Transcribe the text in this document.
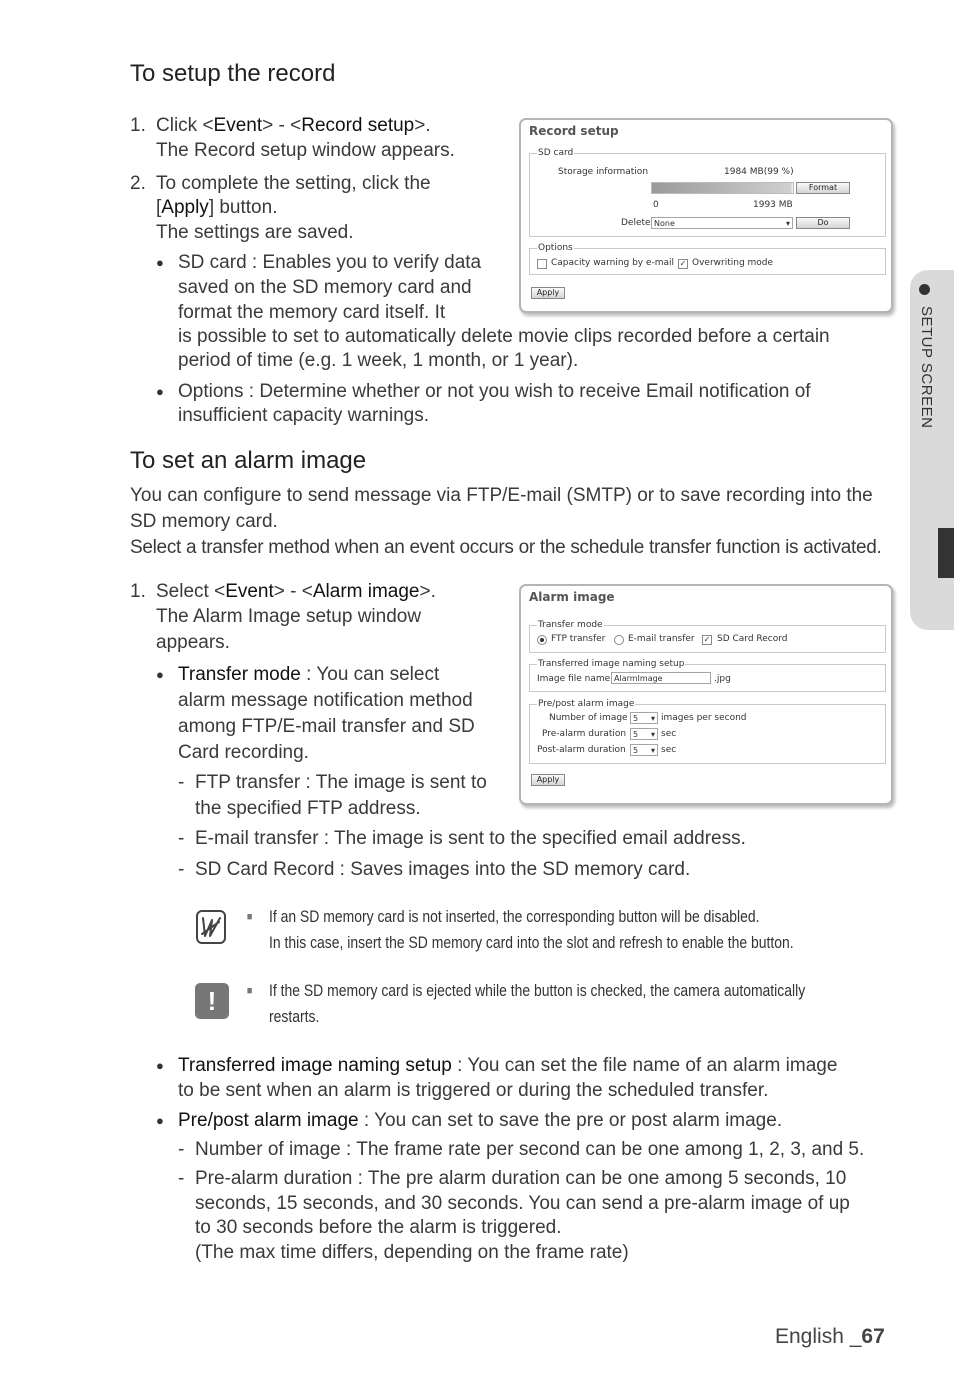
SETUP SCREEN
To setup the record
1. Click <Event> - <Record setup>.
The Record setup window appears.
2. To complete the setting, click the
[Apply] button.
The settings are saved.
● SD card : Enables you to verify data
saved on the SD memory card and
format the memory card itself. It
is possible to set to automatically delete movie clips recorded before a certain
period of time (e.g. 1 week, 1 month, or 1 year).
● Options : Determine whether or not you wish to receive Email notification of
insufficient capacity warnings.
Record setup
SD card
Storage information	1984 MB(99 %)
Format
0	1993 MB
Delete None ▾	Do
Options
Capacity warning by e-mail ✓ Overwriting mode
Apply
To set an alarm image
You can configure to send message via FTP/E-mail (SMTP) or to save recording into the
SD memory card.
Select a transfer method when an event occurs or the schedule transfer function is activated.
1. Select <Event> - <Alarm image>.
The Alarm Image setup window
appears.
● Transfer mode : You can select
alarm message notification method
among FTP/E-mail transfer and SD
Card recording.
- FTP transfer : The image is sent to
the specified FTP address.
- E-mail transfer : The image is sent to the specified email address.
- SD Card Record : Saves images into the SD memory card.
Alarm image
Transfer mode
FTP transfer	E-mail transfer ✓ SD Card Record
Transferred image naming setup
Image file name AlarmImage	.jpg
Pre/post alarm image
Number of image 5 ▾	images per second
Pre-alarm duration 5 ▾	sec
Post-alarm duration 5 ▾	sec
Apply
■ If an SD memory card is not inserted, the corresponding button will be disabled.
In this case, insert the SD memory card into the slot and refresh to enable the button.
!
■	If the SD memory card is ejected while the button is checked, the camera automatically
restarts.
● Transferred image naming setup : You can set the file name of an alarm image
to be sent when an alarm is triggered or during the scheduled transfer.
● Pre/post alarm image : You can set to save the pre or post alarm image.
- Number of image : The frame rate per second can be one among 1, 2, 3, and 5.
- Pre-alarm duration : The pre alarm duration can be one among 5 seconds, 10
seconds, 15 seconds, and 30 seconds. You can send a pre-alarm image of up
to 30 seconds before the alarm is triggered.
(The max time differs, depending on the frame rate)
English _67
